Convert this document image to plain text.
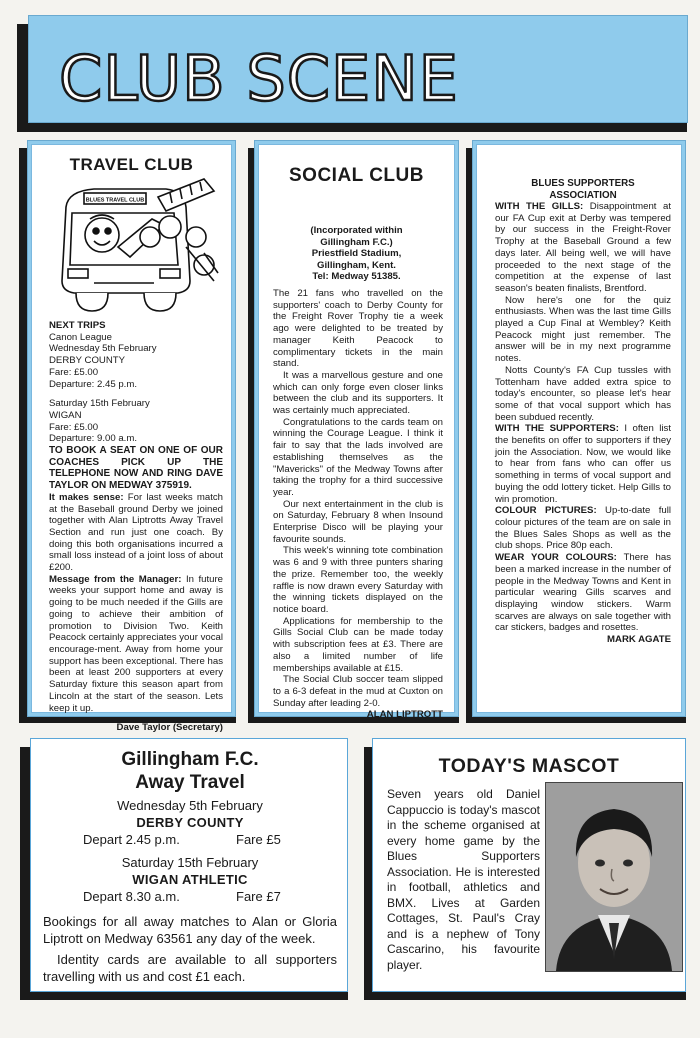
CLUB SCENE
TRAVEL CLUB
BLUES TRAVEL CLUB

NEXT TRIPS

Canon League

Wednesday 5th February

DERBY COUNTY

Fare: £5.00

Departure: 2.45 p.m.

Saturday 15th February

WIGAN

Fare: £5.00

Departure: 9.00 a.m.

TO BOOK A SEAT ON ONE OF OUR COACHES PICK UP THE TELEPHONE NOW AND RING DAVE TAYLOR ON MEDWAY 375919.

It makes sense: For last weeks match at the Baseball ground Derby we joined together with Alan Liptrotts Away Travel Section and run just one coach. By doing this both organisations incurred a small loss instead of a joint loss of about £200.

Message from the Manager: In future weeks your support home and away is going to be much needed if the Gills are going to achieve their ambition of promotion to Division Two. Keith Peacock certainly appreciates your vocal encourage-ment. Away from home your support has been exceptional. There has been at least 200 supporters at every Saturday fixture this season apart from Lincoln at the start of the season. Lets keep it up.

Dave Taylor (Secretary)

SOCIAL CLUB
(Incorporated within
Gillingham F.C.)
Priestfield Stadium,
Gillingham, Kent.
Tel: Medway 51385.

The 21 fans who travelled on the supporters' coach to Derby County for the Freight Rover Trophy tie a week ago were delighted to be treated by manager Keith Peacock to complimentary tickets in the main stand.

It was a marvellous gesture and one which can only forge even closer links between the club and its supporters. It was certainly much appreciated.

Congratulations to the cards team on winning the Courage League. I think it fair to say that the lads involved are establishing themselves as the "Mavericks" of the Medway Towns after taking the trophy for a third successive year.

Our next entertainment in the club is on Saturday, February 8 when Insound Enterprise Disco will be playing your favourite sounds.

This week's winning tote combination was 6 and 9 with three punters sharing the prize. Remember too, the weekly raffle is now drawn every Saturday with the winning tickets displayed on the notice board.

Applications for membership to the Gills Social Club can be made today with subscription fees at £3. There are also a limited number of life memberships available at £15.

The Social Club soccer team slipped to a 6-3 defeat in the mud at Cuxton on Sunday after leading 2-0.

ALAN LIPTROTT

BLUES SUPPORTERS

ASSOCIATION

WITH THE GILLS: Disappointment at our FA Cup exit at Derby was tempered by our success in the Freight-Rover Trophy at the Baseball Ground a few days later. All being well, we will have proceeded to the next stage of the competition at the expense of last season's beaten finalists, Brentford.

Now here's one for the quiz enthusiasts. When was the last time Gills played a Cup Final at Wembley? Keith Peacock might just remember. The answer will be in my next programme notes.

Notts County's FA Cup tussles with Tottenham have added extra spice to today's encounter, so please let's hear some of that vocal support which has been subdued recently.

WITH THE SUPPORTERS: I often list the benefits on offer to supporters if they join the Association. Now, we would like to hear from fans who can offer us something in terms of vocal support and buying the odd lottery ticket. Help Gills to win promotion.

COLOUR PICTURES: Up-to-date full colour pictures of the team are on sale in the Blues Sales Shops as well as the club shops. Price 80p each.

WEAR YOUR COLOURS: There has been a marked increase in the number of people in the Medway Towns and Kent in particular wearing Gills scarves and displaying window stickers. Warm scarves are always on sale together with car stickers, badges and rosettes.

MARK AGATE

Gillingham F.C.
Away Travel
Wednesday 5th February
DERBY COUNTY
Depart 2.45 p.m.	Fare £5
Saturday 15th February
WIGAN ATHLETIC
Depart 8.30 a.m.	Fare £7
Bookings for all away matches to Alan or Gloria Liptrott on Medway 63561 any day of the week.
Identity cards are available to all supporters travelling with us and cost £1 each.
TODAY'S MASCOT
Seven years old Daniel Cappuccio is today's mascot in the scheme organised at every home game by the Blues Supporters Association. He is interested in football, athletics and BMX. Lives at Garden Cottages, St. Paul's Cray and is a nephew of Tony Cascarino, his favourite player.
